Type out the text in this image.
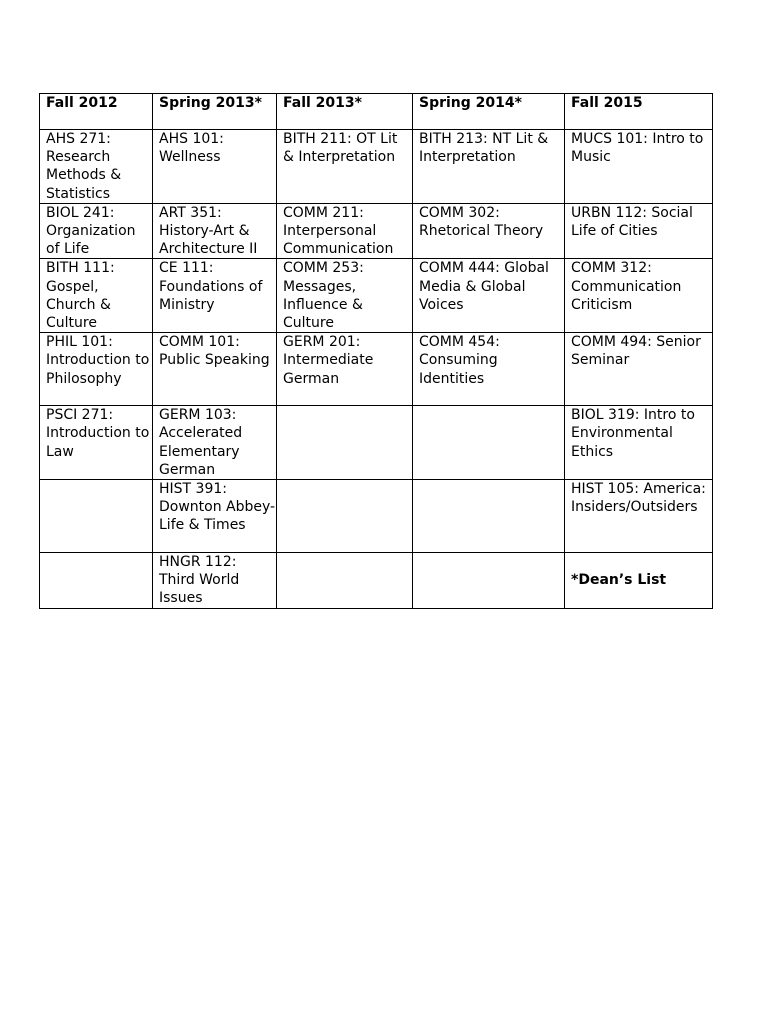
Fall 2012	Spring 2013*	Fall 2013*	Spring 2014*	Fall 2015
AHS 271: Research Methods & Statistics	AHS 101: Wellness	BITH 211: OT Lit & Interpretation	BITH 213: NT Lit & Interpretation	MUCS 101: Intro to Music
BIOL 241: Organization of Life	ART 351: History-Art & Architecture II	COMM 211: Interpersonal Communication	COMM 302: Rhetorical Theory	URBN 112: Social Life of Cities
BITH 111: Gospel, Church & Culture	CE 111: Foundations of Ministry	COMM 253: Messages, Influence & Culture	COMM 444: Global Media & Global Voices	COMM 312: Communication Criticism
PHIL 101: Introduction to Philosophy	COMM 101: Public Speaking	GERM 201: Intermediate German	COMM 454: Consuming Identities	COMM 494: Senior Seminar
PSCI 271: Introduction to Law	GERM 103: Accelerated Elementary German			BIOL 319: Intro to Environmental Ethics
	HIST 391: Downton Abbey-Life & Times			HIST 105: America: Insiders/Outsiders
	HNGR 112: Third World Issues			*Dean’s List
